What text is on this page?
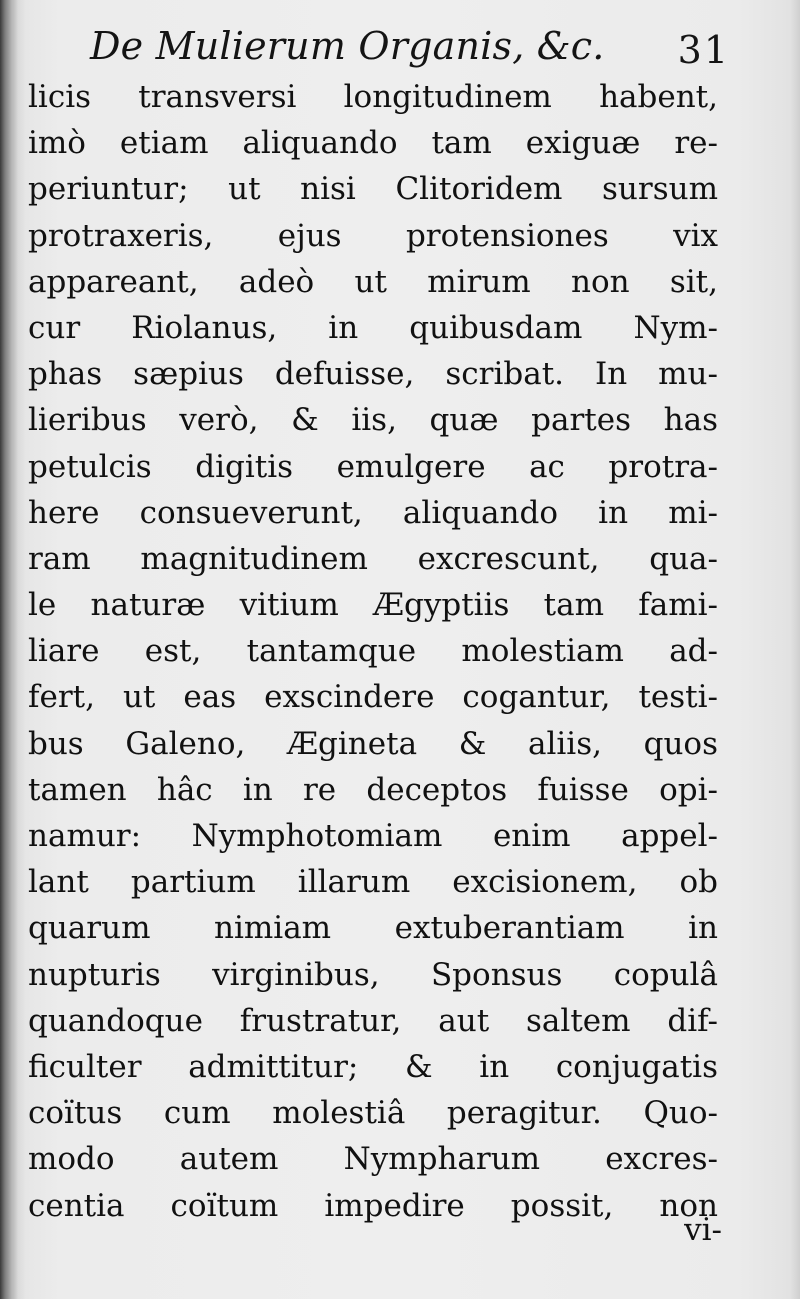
De Mulierum Organis, &c. 31
licis transversi longitudinem habent,
imò etiam aliquando tam exiguæ re-
periuntur; ut nisi Clitoridem sursum
protraxeris, ejus protensiones vix
appareant, adeò ut mirum non sit,
cur Riolanus, in quibusdam Nym-
phas sæpius defuisse, scribat. In mu-
lieribus verò, & iis, quæ partes has
petulcis digitis emulgere ac protra-
here consueverunt, aliquando in mi-
ram magnitudinem excrescunt, qua-
le naturæ vitium Ægyptiis tam fami-
liare est, tantamque molestiam ad-
fert, ut eas exscindere cogantur, testi-
bus Galeno, Ægineta & aliis, quos
tamen hâc in re deceptos fuisse opi-
namur: Nymphotomiam enim appel-
lant partium illarum excisionem, ob
quarum nimiam extuberantiam in
nupturis virginibus, Sponsus copulâ
quandoque frustratur, aut saltem dif-
ficulter admittitur; & in conjugatis
coïtus cum molestiâ peragitur. Quo-
modo autem Nympharum excres-
centia coïtum impedire possit, non
vi-
